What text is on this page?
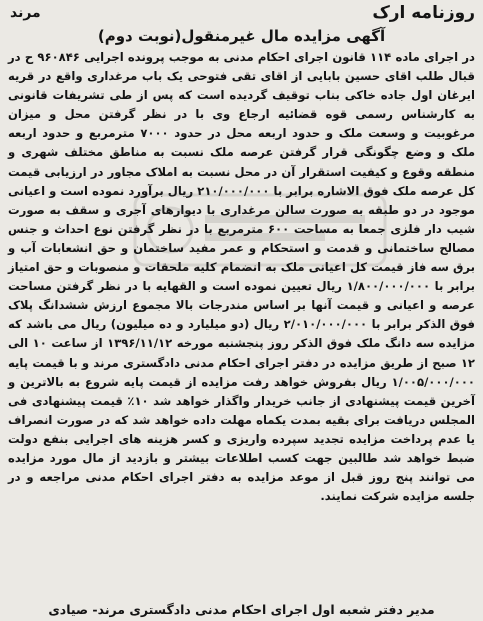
روزنامه ارک
مرند
آگهی مزایده مال غیرمنقول(نوبت دوم)
در اجرای ماده ۱۱۴ قانون اجرای احکام مدنی به موجب پرونده اجرایی ۹۶۰۸۴۶ ح در قبال طلب اقای حسین بابایی از اقای تقی فتوحی یک باب مرغداری واقع در قریه ایرغان اول جاده خاکی بناب توقیف گردیده است که پس از طی تشریفات قانونی به کارشناس رسمی قوه قضائیه ارجاع وی با در نظر گرفتن محل و میزان مرغوبیت و وسعت ملک و حدود اربعه محل در حدود ۷۰۰۰ مترمربع و حدود اربعه ملک و وضع چگونگی قرار گرفتن عرصه ملک نسبت به مناطق مختلف شهری و منطقه وقوع و کیفیت استقرار آن در محل نسبت به املاک مجاور در ارزیابی قیمت کل عرصه ملک فوق الاشاره برابر با ۲۱۰/۰۰۰/۰۰۰ ریال برآورد نموده است و اعیانی موجود در دو طبقه به صورت سالن مرغداری با دیوارهای آجری و سقف به صورت شیب دار فلزی جمعا به مساحت ۶۰۰ مترمربع با در نظر گرفتن نوع احداث و جنس مصالح ساختمانی و قدمت و استحکام و عمر مفید ساختمان و حق انشعابات آب و برق سه فاز قیمت کل اعیانی ملک به انضمام کلیه ملحقات و منصوبات و حق امتیاز برابر با ۱/۸۰۰/۰۰۰/۰۰۰ ریال تعیین نموده است و القهایه با در نظر گرفتن مساحت عرصه و اعیانی و قیمت آنها بر اساس مندرجات بالا مجموع ارزش ششدانگ پلاک فوق الذکر برابر با ۲/۰۱۰/۰۰۰/۰۰۰ ریال (دو میلیارد و ده میلیون) ریال می باشد که مزایده سه دانگ ملک فوق الذکر روز پنجشنبه مورخه ۱۳۹۶/۱۱/۱۲ از ساعت ۱۰ الی ۱۲ صبح از طریق مزایده در دفتر اجرای احکام مدنی دادگستری مرند و با قیمت پایه ۱/۰۰۵/۰۰۰/۰۰۰ ریال بفروش خواهد رفت مزایده از قیمت پایه شروع به بالاترین و آخرین قیمت پیشنهادی از جانب خریدار واگذار خواهد شد ۱۰٪ قیمت پیشنهادی فی المجلس دریافت برای بقیه بمدت یکماه مهلت داده خواهد شد که در صورت انصراف یا عدم پرداخت مزایده تجدید سپرده واریزی و کسر هزینه های اجرایی بنفع دولت ضبط خواهد شد طالبین جهت کسب اطلاعات بیشتر و بازدید از مال مورد مزایده می توانند پنج روز قبل از موعد مزایده به دفتر اجرای احکام مدنی مراجعه و در جلسه مزایده شرکت نمایند.
مدیر دفتر شعبه اول اجرای احکام مدنی دادگستری مرند- صیادی
